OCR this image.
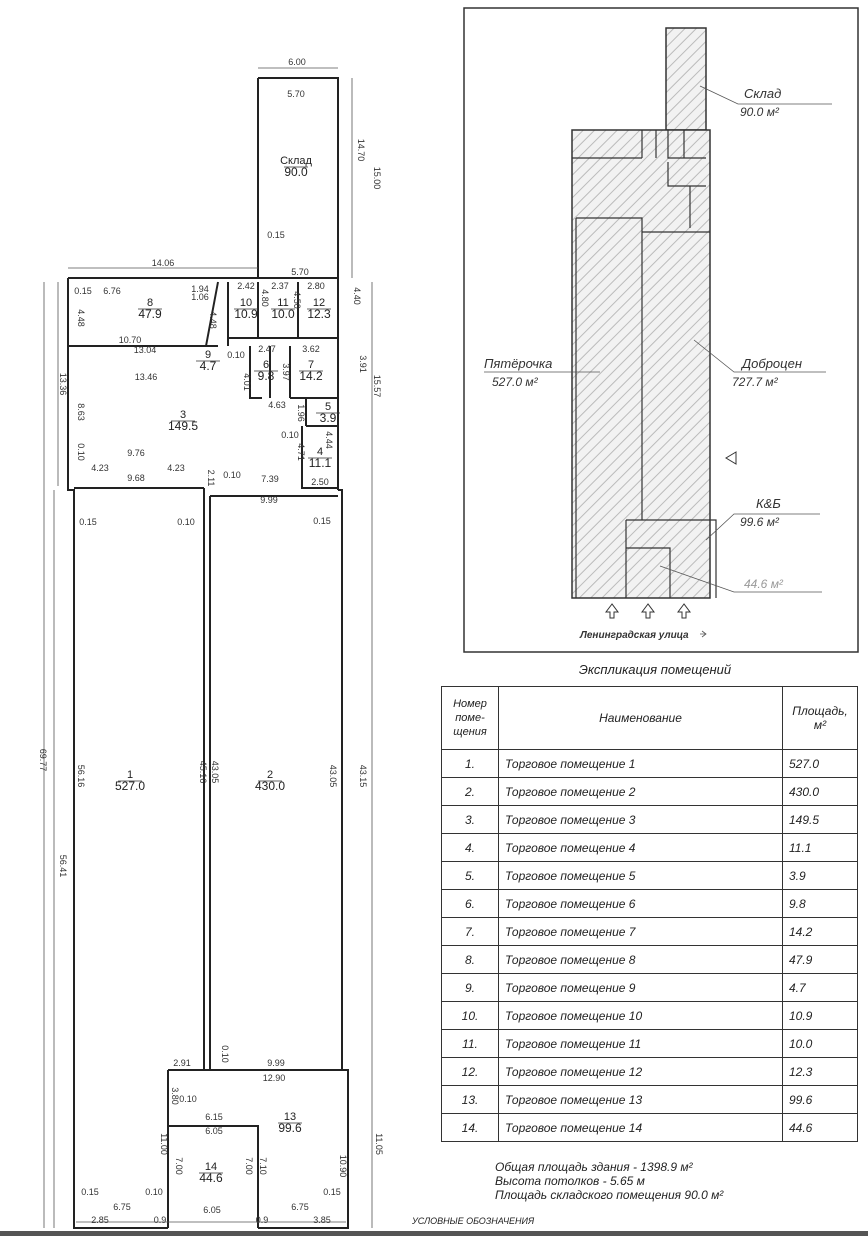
1
527.0
2
430.0
3
149.5
4
11.1
5
3.9
6
9.8
7
14.2
8
47.9
9
4.7
10
10.9
11
10.0
12
12.3
13
99.6
14
44.6
Склад
90.0
6.00
5.70
14.70
15.00
0.15
14.06
5.70
0.15 6.76	1.94
1.06
4.48	4.48
2.42
4.80
2.37
4.50
2.80
4.40
10.70
13.04	2.47	3.62
0.10
13.46	3.97	3.91
4.01
4.63
13.36	15.57
8.63	1.96
0.10	4.44
4.71
0.10	9.76
4.23	4.23
9.68	2.11 0.10 7.39	2.50
9.99
0.15	0.10	0.15
69.77
56.41
56.16	45.16 43.05	43.05 43.15
2.91
0.10
9.99
12.90
3.80 0.10
6.15
6.05
11.00
7.00	7.00 7.10	10.90
11.05
0.15	0.10	0.15
6.75	6.75
2.85	0.9
6.05
0.9	3.85
Склад
90.0 м²
Пятёрочка
527.0 м²
Доброцен
727.7 м²
К&Б
99.6 м²
44.6 м²
Ленинградская улица
Экспликация помещений
Номер поме- щения	Наименование	Площадь, м²
1.	Торговое помещение 1	527.0
2.	Торговое помещение 2	430.0
3.	Торговое помещение 3	149.5
4.	Торговое помещение 4	11.1
5.	Торговое помещение 5	3.9
6.	Торговое помещение 6	9.8
7.	Торговое помещение 7	14.2
8.	Торговое помещение 8	47.9
9.	Торговое помещение 9	4.7
10.	Торговое помещение 10	10.9
11.	Торговое помещение 11	10.0
12.	Торговое помещение 12	12.3
13.	Торговое помещение 13	99.6
14.	Торговое помещение 14	44.6
Общая площадь здания - 1398.9 м²
Высота потолков - 5.65 м
Площадь складского помещения 90.0 м²
УСЛОВНЫЕ ОБОЗНАЧЕНИЯ
